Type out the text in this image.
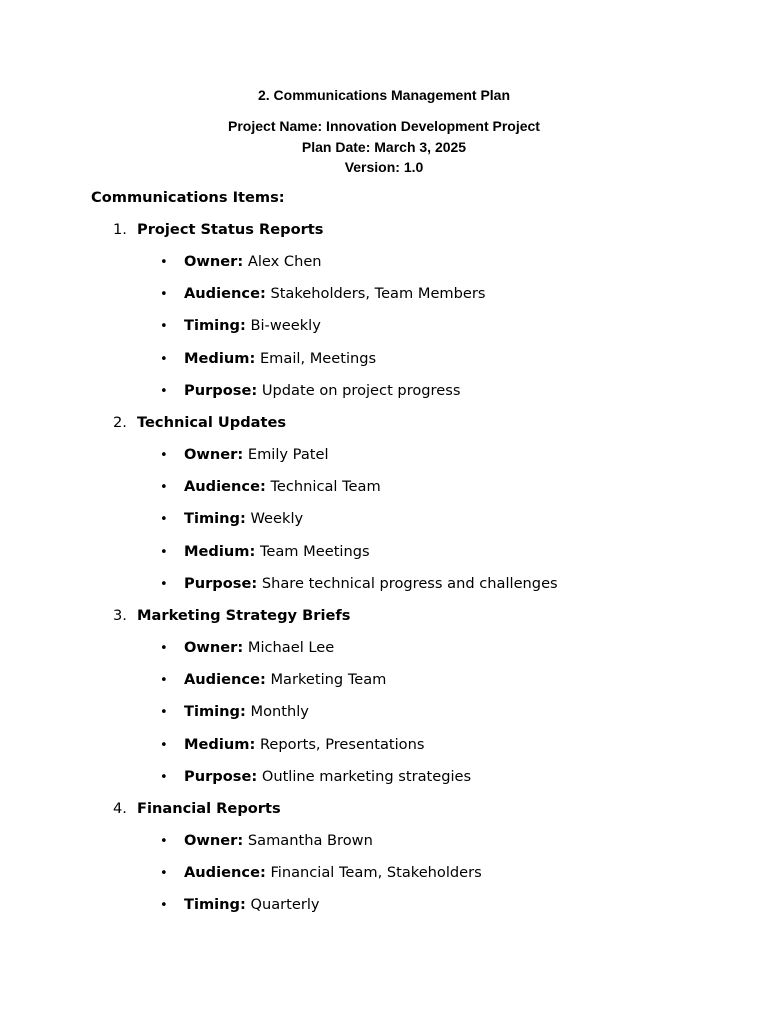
2. Communications Management Plan
Project Name: Innovation Development Project
Plan Date: March 3, 2025
Version: 1.0
Communications Items:
1. Project Status Reports
• Owner: Alex Chen
• Audience: Stakeholders, Team Members
• Timing: Bi-weekly
• Medium: Email, Meetings
• Purpose: Update on project progress
2. Technical Updates
• Owner: Emily Patel
• Audience: Technical Team
• Timing: Weekly
• Medium: Team Meetings
• Purpose: Share technical progress and challenges
3. Marketing Strategy Briefs
• Owner: Michael Lee
• Audience: Marketing Team
• Timing: Monthly
• Medium: Reports, Presentations
• Purpose: Outline marketing strategies
4. Financial Reports
• Owner: Samantha Brown
• Audience: Financial Team, Stakeholders
• Timing: Quarterly
